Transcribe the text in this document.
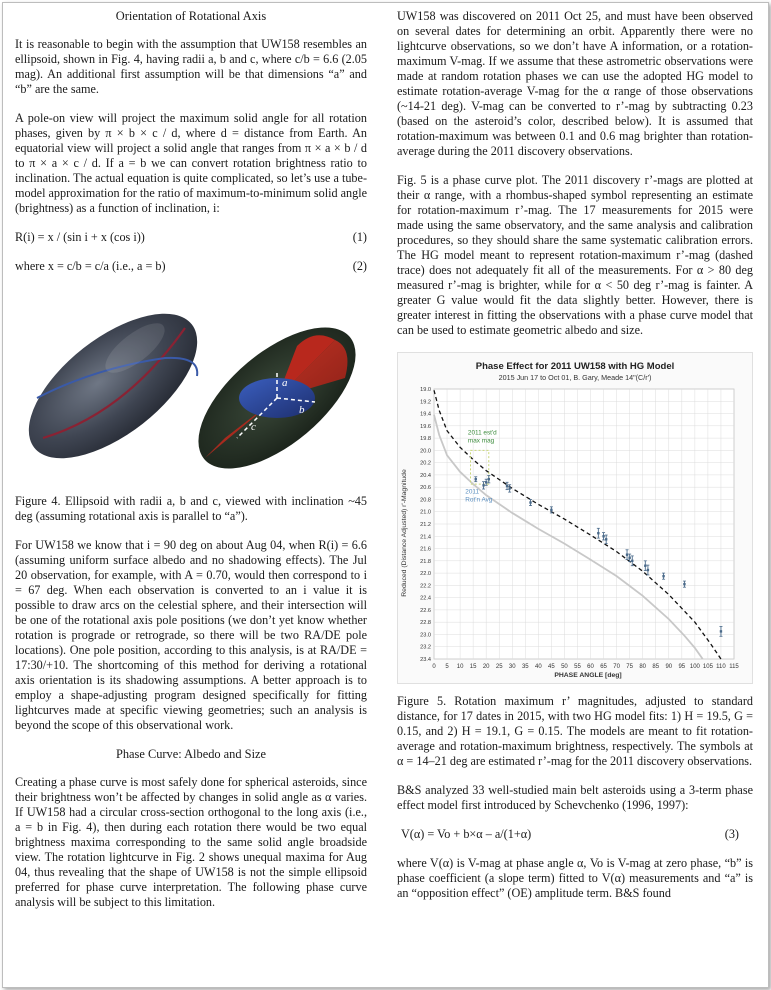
Orientation of Rotational Axis

It is reasonable to begin with the assumption that UW158 resembles an ellipsoid, shown in Fig. 4, having radii a, b and c, where c/b = 6.6 (2.05 mag). An additional first assumption will be that dimensions “a” and “b” are the same.

A pole-on view will project the maximum solid angle for all rotation phases, given by π × b × c / d, where d = distance from Earth. An equatorial view will project a solid angle that ranges from π × a × b / d to π × a × c / d. If a = b we can convert rotation brightness ratio to inclination. The actual equation is quite complicated, so let’s use a tube-model approximation for the ratio of maximum-to-minimum solid angle (brightness) as a function of inclination, i:

R(i) = x / (sin i + x (cos i))	(1)
where x = c/b = c/a (i.e., a = b)	(2)
a
b
c

Figure 4. Ellipsoid with radii a, b and c, viewed with inclination ~45 deg (assuming rotational axis is parallel to “a”).

For UW158 we know that i = 90 deg on about Aug 04, when R(i) = 6.6 (assuming uniform surface albedo and no shadowing effects). The Jul 20 observation, for example, with A = 0.70, would then correspond to i = 67 deg. When each observation is converted to an i value it is possible to draw arcs on the celestial sphere, and their intersection will be one of the rotational axis pole positions (we don’t yet know whether rotation is prograde or retrograde, so there will be two RA/DE pole locations). One pole position, according to this analysis, is at RA/DE = 17:30/+10. The shortcoming of this method for deriving a rotational axis orientation is its shadowing assumptions. A better approach is to employ a shape-adjusting program designed specifically for fitting lightcurves made at specific viewing geometries; such an analysis is beyond the scope of this observational work.

Phase Curve: Albedo and Size

Creating a phase curve is most safely done for spherical asteroids, since their brightness won’t be affected by changes in solid angle as α varies. If UW158 had a circular cross-section orthogonal to the long axis (i.e., a = b in Fig. 4), then during each rotation there would be two equal brightness maxima corresponding to the same solid angle broadside view. The rotation lightcurve in Fig. 2 shows unequal maxima for Aug 04, thus revealing that the shape of UW158 is not the simple ellipsoid preferred for phase curve interpretation. The following phase curve analysis will be subject to this limitation.

UW158 was discovered on 2011 Oct 25, and must have been observed on several dates for determining an orbit. Apparently there were no lightcurve observations, so we don’t have A information, or a rotation-maximum V-mag. If we assume that these astrometric observations were made at random rotation phases we can use the adopted HG model to estimate rotation-average V-mag for the α range of those observations (~14-21 deg). V-mag can be converted to r’-mag by subtracting 0.23 (based on the asteroid’s color, described below). It is assumed that rotation-maximum was between 0.1 and 0.6 mag brighter than rotation-average during the 2011 discovery observations.

Fig. 5 is a phase curve plot. The 2011 discovery r’-mags are plotted at their α range, with a rhombus-shaped symbol representing an estimate for rotation-maximum r’-mag. The 17 measurements for 2015 were made using the same observatory, and the same analysis and calibration procedures, so they should share the same systematic calibration errors. The HG model meant to represent rotation-maximum r’-mag (dashed trace) does not adequately fit all of the measurements. For α > 80 deg measured r’-mag is brighter, while for α < 50 deg r’-mag is fainter. A greater G value would fit the data slightly better. However, there is greater interest in fitting the observations with a phase curve model that can be used to estimate geometric albedo and size.

Phase Effect for 2011 UW158 with HG Model
2015 Jun 17 to Oct 01, B. Gary, Meade 14"(C/r')
Reduced (Distance Adjusted) r'-Magnitude
PHASE ANGLE [deg]
0 5 10 15 20 25 30 35 40 45 50 55 60 65 70 75 80 85 90 95 100 105 110 115
19.0
19.2
19.4
19.6
19.8
20.0
20.2
20.4
20.6
20.8
21.0
21.2
21.4
21.6
21.8
22.0
22.2
22.4
22.6
22.8
23.0
23.2
23.4
2011 est'd
max mag
2011
Rot'n Avg

Figure 5. Rotation maximum r’ magnitudes, adjusted to standard distance, for 17 dates in 2015, with two HG model fits: 1) H = 19.5, G = 0.15, and 2) H = 19.1, G = 0.15. The models are meant to fit rotation-average and rotation-maximum brightness, respectively. The symbols at α = 14–21 deg are estimated r’-mag for the 2011 discovery observations.

B&S analyzed 33 well-studied main belt asteroids using a 3-term phase effect model first introduced by Schevchenko (1996, 1997):

V(α) = Vo + b×α – a/(1+α)	(3)

where V(α) is V-mag at phase angle α, Vo is V-mag at zero phase, “b” is phase coefficient (a slope term) fitted to V(α) measurements and “a” is an “opposition effect” (OE) amplitude term. B&S found
